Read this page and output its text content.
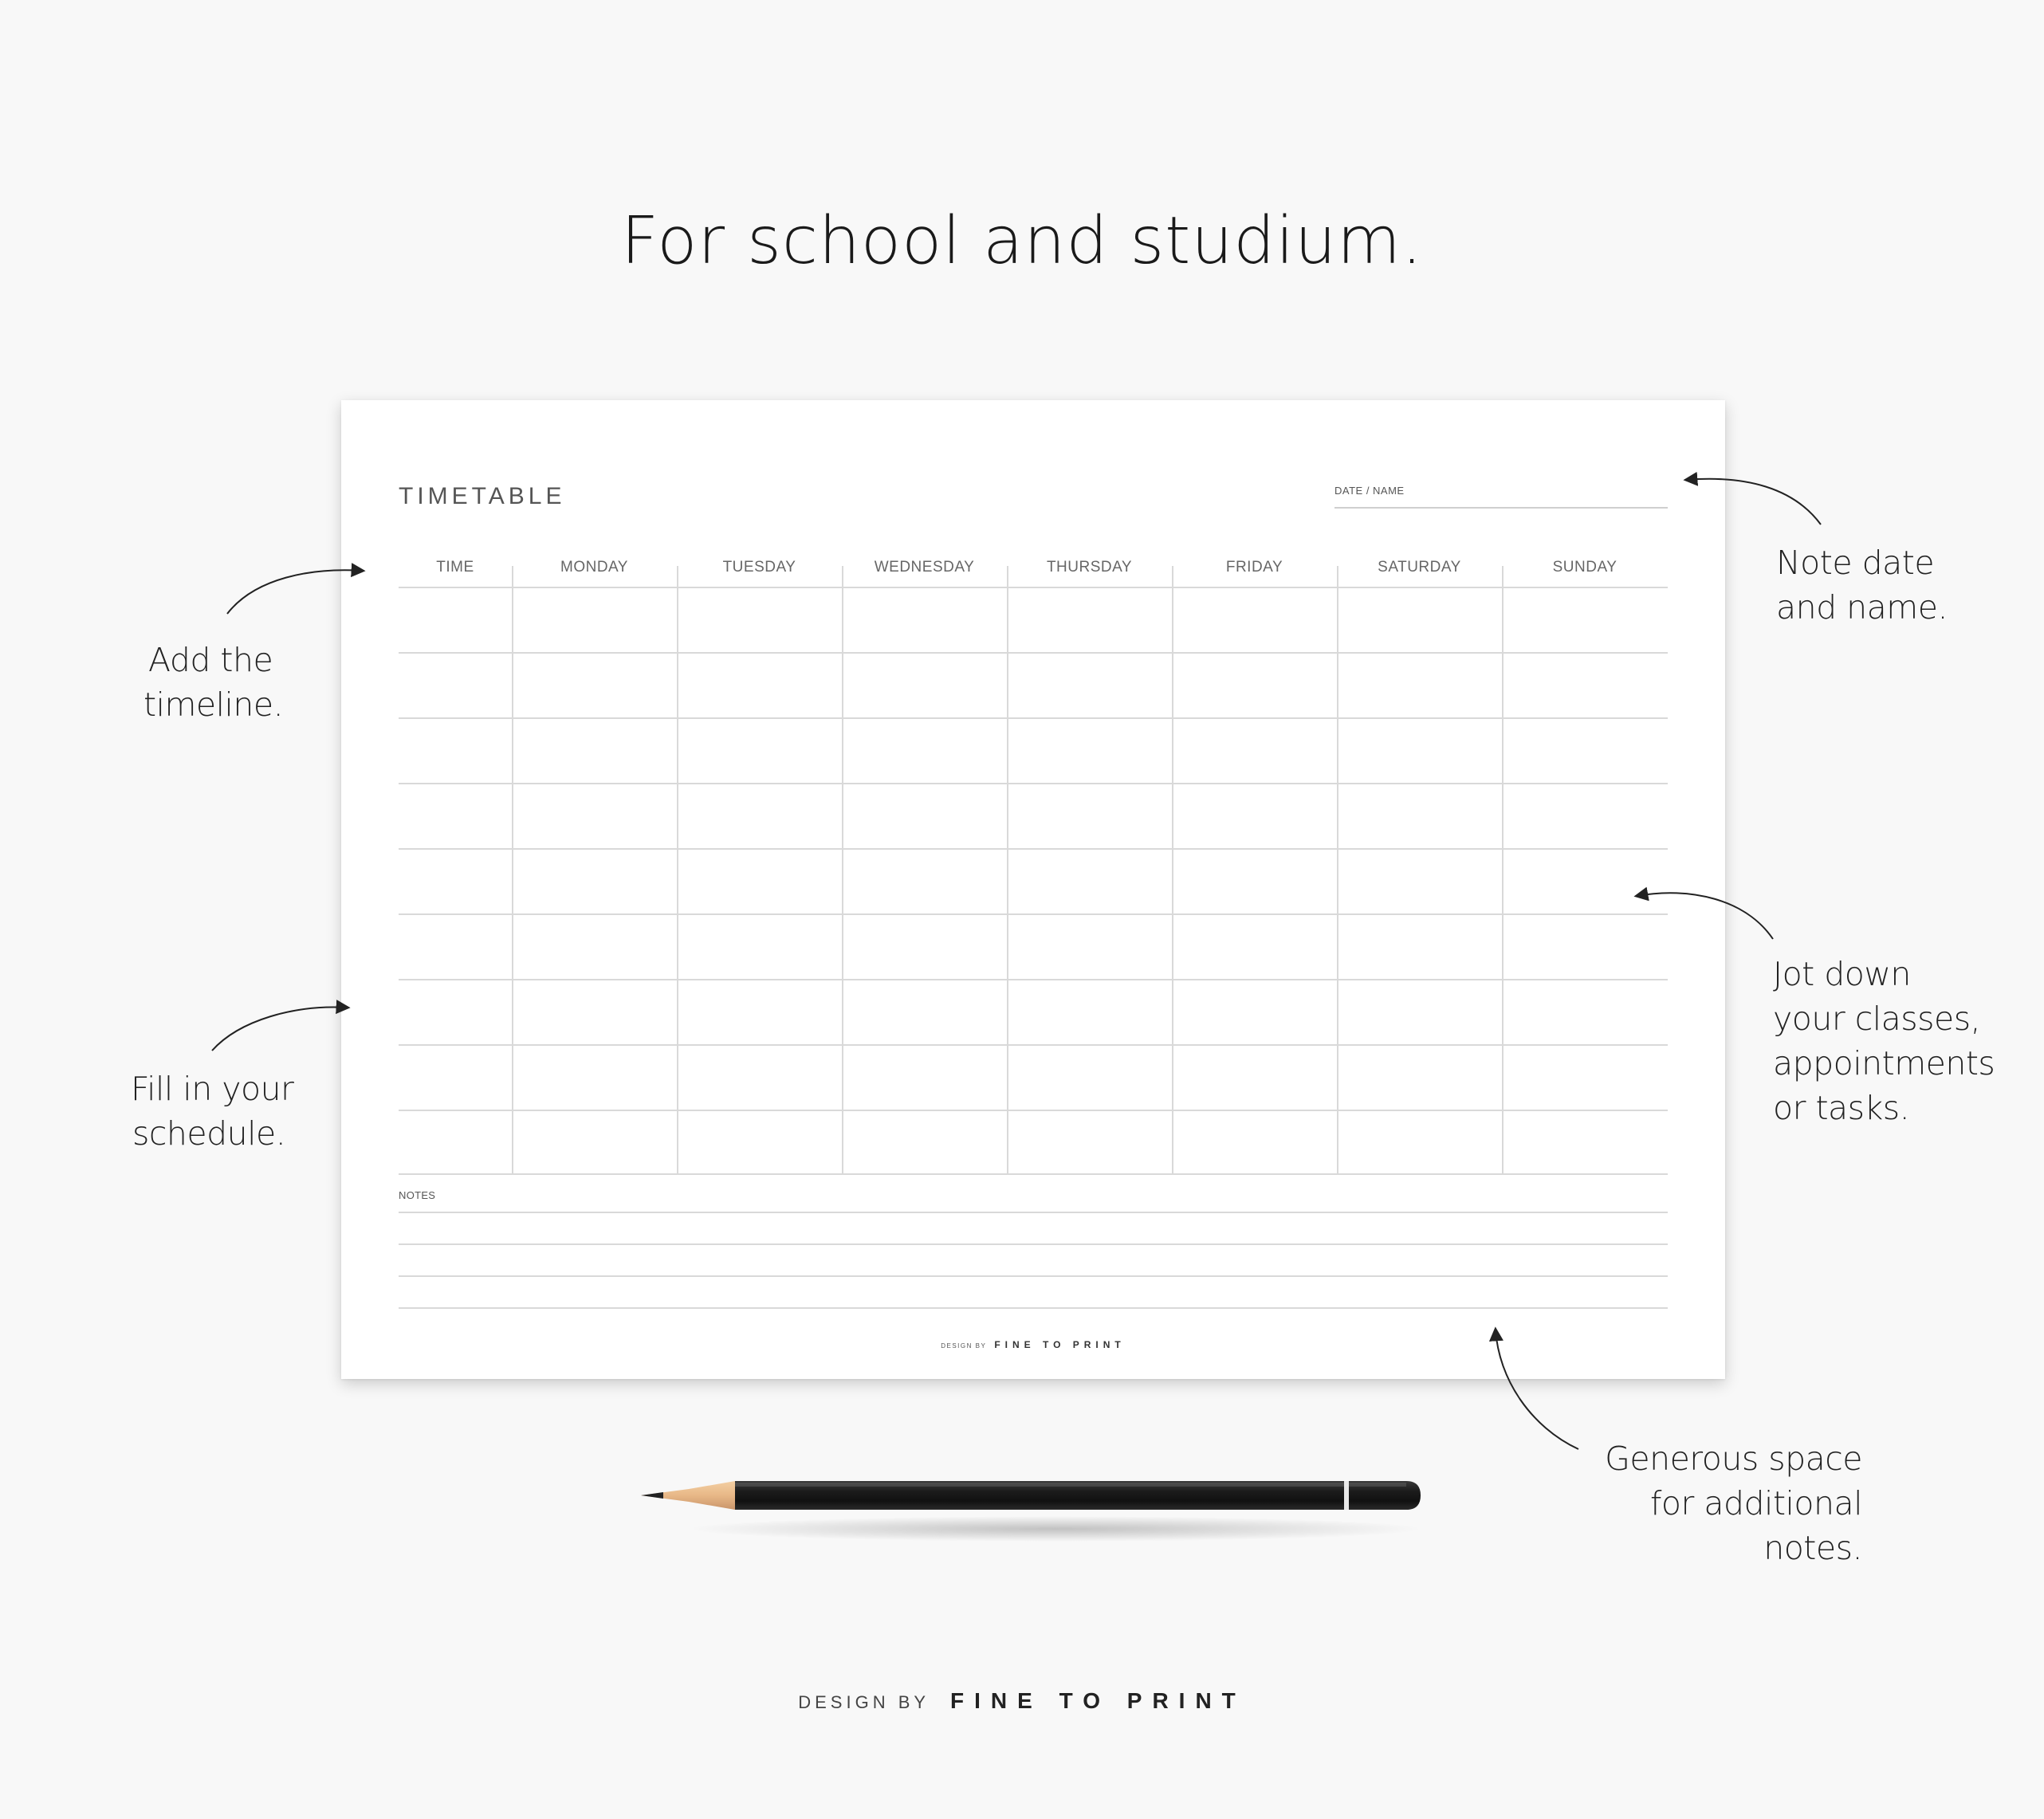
For school and studium.
TIMETABLE	DATE / NAME
TIME	MONDAY	TUESDAY	WEDNESDAY	THURSDAY	FRIDAY	SATURDAY	SUNDAY
NOTES
DESIGN BY FINE TO PRINT
Add the
timeline.
Fill in your
schedule.
Note date
and name.
Jot down
your classes,
appointments
or tasks.
Generous space
for additional notes.
DESIGN BY FINE TO PRINT
